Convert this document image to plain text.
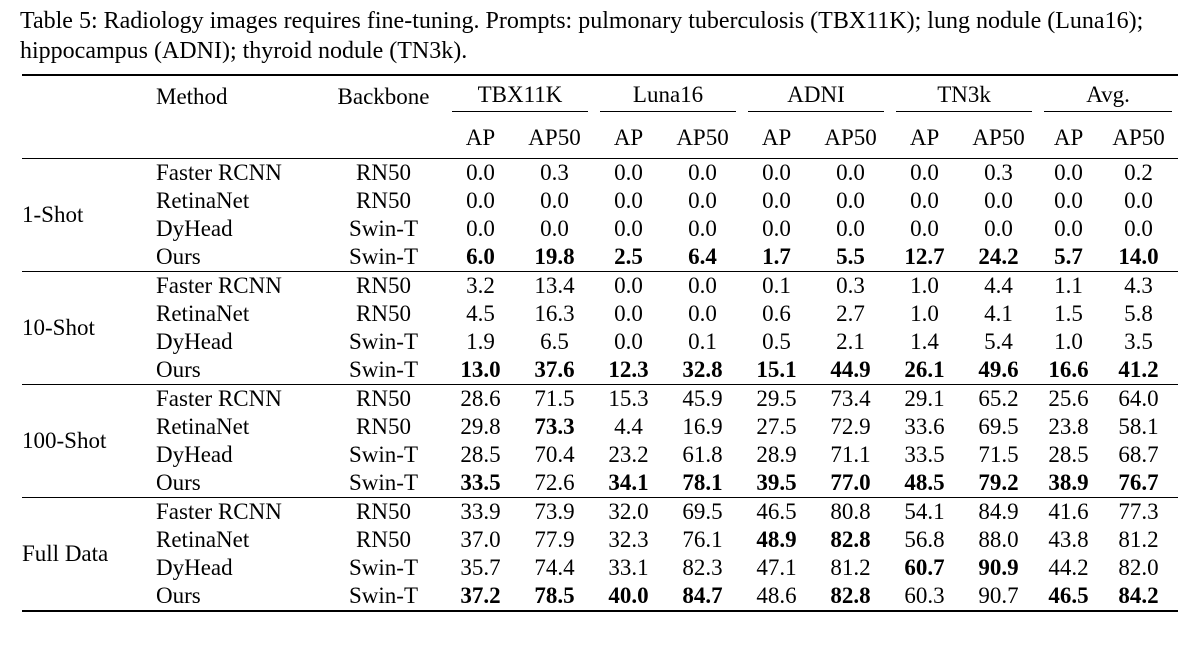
Table 5: Radiology images requires fine-tuning. Prompts: pulmonary tuberculosis (TBX11K); lung nodule (Luna16); hippocampus (ADNI); thyroid nodule (TN3k).

	Method	Backbone	TBX11K		Luna16		ADNI		TN3k		Avg.	
			AP	AP50	AP	AP50	AP	AP50	AP	AP50	AP	AP50
1-Shot	Faster RCNN	RN50	0.0	0.3	0.0	0.0	0.0	0.0	0.0	0.3	0.0	0.2
	RetinaNet	RN50	0.0	0.0	0.0	0.0	0.0	0.0	0.0	0.0	0.0	0.0
	DyHead	Swin-T	0.0	0.0	0.0	0.0	0.0	0.0	0.0	0.0	0.0	0.0
	Ours	Swin-T	6.0	19.8	2.5	6.4	1.7	5.5	12.7	24.2	5.7	14.0
10-Shot	Faster RCNN	RN50	3.2	13.4	0.0	0.0	0.1	0.3	1.0	4.4	1.1	4.3
	RetinaNet	RN50	4.5	16.3	0.0	0.0	0.6	2.7	1.0	4.1	1.5	5.8
	DyHead	Swin-T	1.9	6.5	0.0	0.1	0.5	2.1	1.4	5.4	1.0	3.5
	Ours	Swin-T	13.0	37.6	12.3	32.8	15.1	44.9	26.1	49.6	16.6	41.2
100-Shot	Faster RCNN	RN50	28.6	71.5	15.3	45.9	29.5	73.4	29.1	65.2	25.6	64.0
	RetinaNet	RN50	29.8	73.3	4.4	16.9	27.5	72.9	33.6	69.5	23.8	58.1
	DyHead	Swin-T	28.5	70.4	23.2	61.8	28.9	71.1	33.5	71.5	28.5	68.7
	Ours	Swin-T	33.5	72.6	34.1	78.1	39.5	77.0	48.5	79.2	38.9	76.7
Full Data	Faster RCNN	RN50	33.9	73.9	32.0	69.5	46.5	80.8	54.1	84.9	41.6	77.3
	RetinaNet	RN50	37.0	77.9	32.3	76.1	48.9	82.8	56.8	88.0	43.8	81.2
	DyHead	Swin-T	35.7	74.4	33.1	82.3	47.1	81.2	60.7	90.9	44.2	82.0
	Ours	Swin-T	37.2	78.5	40.0	84.7	48.6	82.8	60.3	90.7	46.5	84.2
